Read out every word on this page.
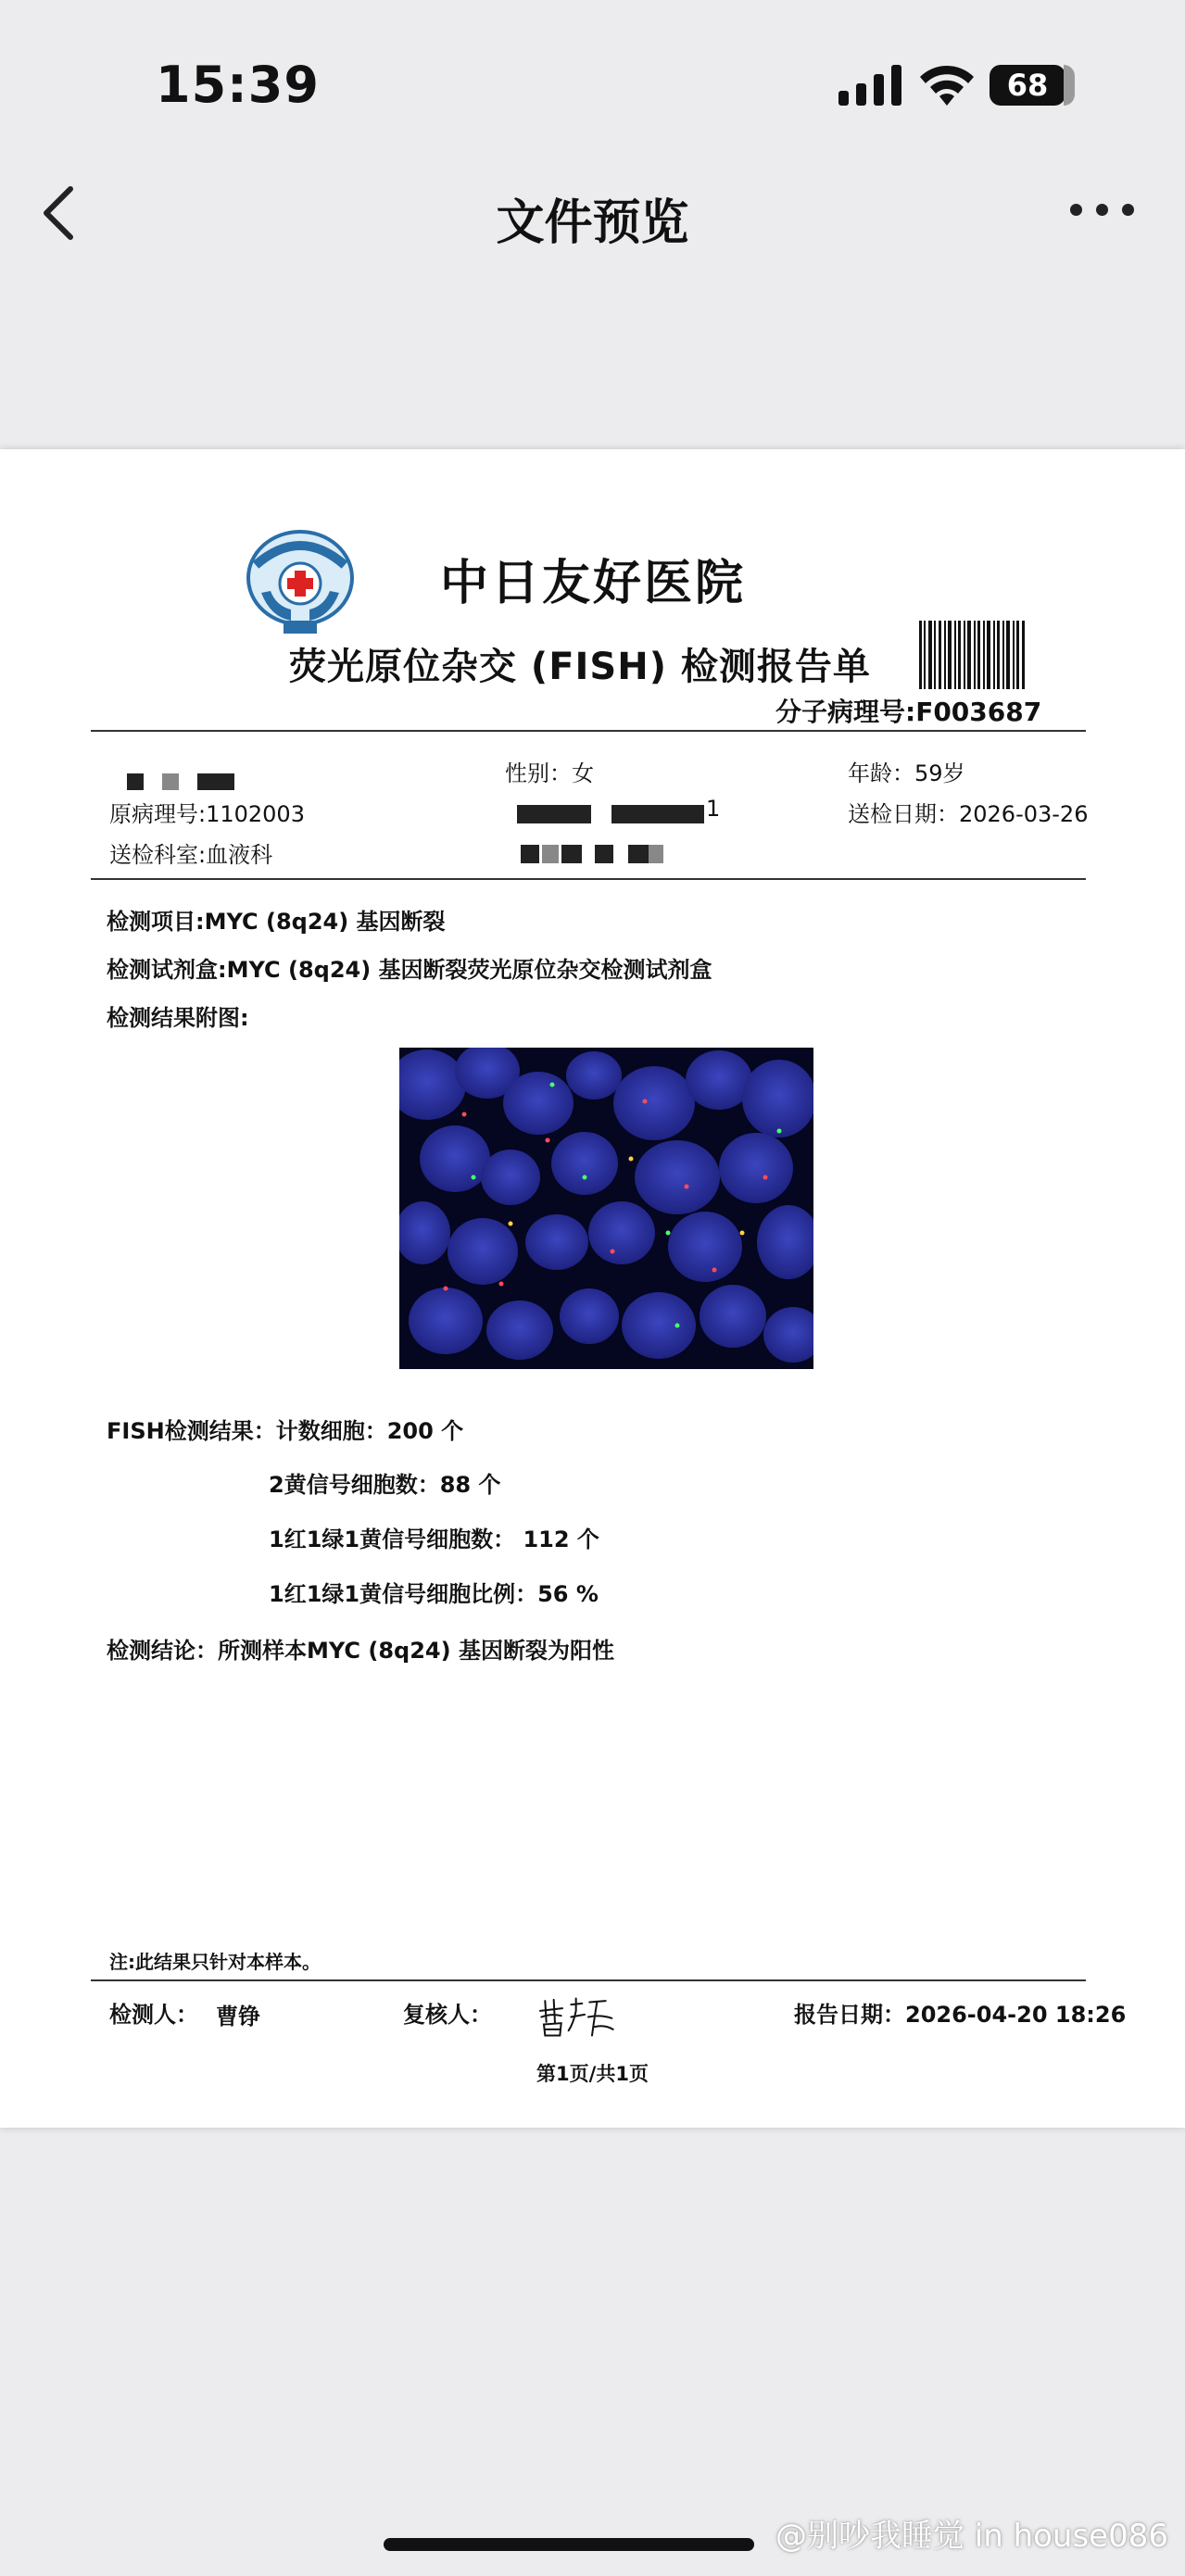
15:39	68
文件预览
中日友好医院
荧光原位杂交 (FISH) 检测报告单
分子病理号:F003687
性别：女	年龄：59岁
原病理号:1102003	1	送检日期：2026-03-26
送检科室:血液科
检测项目:MYC (8q24) 基因断裂
检测试剂盒:MYC (8q24) 基因断裂荧光原位杂交检测试剂盒
检测结果附图:
FISH检测结果：计数细胞：200 个
2黄信号细胞数：88 个
1红1绿1黄信号细胞数： 112 个
1红1绿1黄信号细胞比例：56 %
检测结论：所测样本MYC (8q24) 基因断裂为阳性
注:此结果只针对本样本。
检测人： 曹铮	复核人：	报告日期：2026-04-20 18:26
第1页/共1页
@别吵我睡觉 in house086
